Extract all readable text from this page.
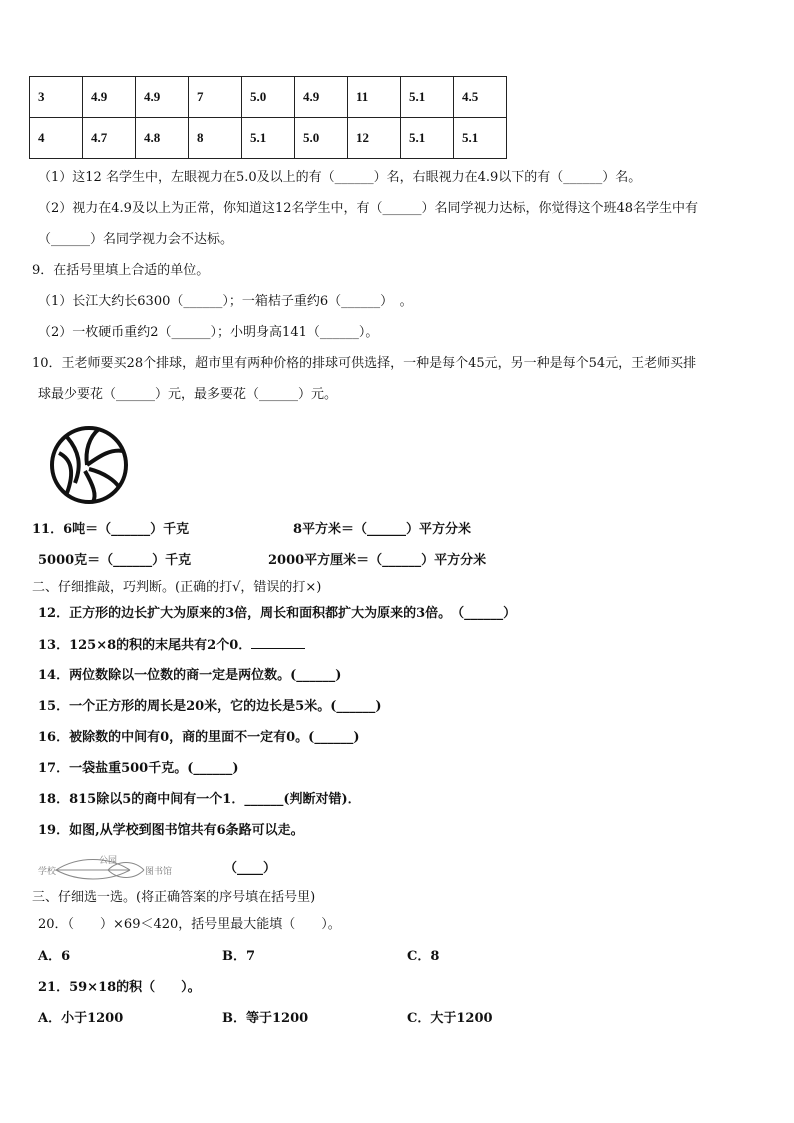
3	4.9	4.9	7	5.0	4.9	11	5.1	4.5
4	4.7	4.8	8	5.1	5.0	12	5.1	5.1
（1）这12 名学生中，左眼视力在5.0及以上的有（______）名，右眼视力在4.9以下的有（______）名。
（2）视力在4.9及以上为正常，你知道这12名学生中，有（______）名同学视力达标，你觉得这个班48名学生中有
（______）名同学视力会不达标。
9．在括号里填上合适的单位。
（1）长江大约长6300（______）；一箱桔子重约6（______）　。
（2）一枚硬币重约2（______）；小明身高141（______）。
10．王老师要买28个排球，超市里有两种价格的排球可供选择，一种是每个45元，另一种是每个54元，王老师买排
球最少要花（______）元，最多要花（______）元。
11．6吨＝（______）千克	8平方米＝（______）平方分米
5000克＝（______）千克	2000平方厘米＝（______）平方分米
二、仔细推敲，巧判断。(正确的打√，错误的打×)
12．正方形的边长扩大为原来的3倍，周长和面积都扩大为原来的3倍。　（______）
13．125×8的积的末尾共有2个0．
14．两位数除以一位数的商一定是两位数。(______)
15．一个正方形的周长是20米，它的边长是5米。(______)
16．被除数的中间有0，商的里面不一定有0。(______)
17．一袋盐重500千克。(______)
18．815除以5的商中间有一个1．______(判断对错)．
19．如图,从学校到图书馆共有6条路可以走。
学校
公园
图书馆	（____）
三、仔细选一选。(将正确答案的序号填在括号里)
20．（　　）×69＜420，括号里最大能填（　　）。
A．6	B．7	C．8
21．59×18的积（　　）。
A．小于1200	B．等于1200	C．大于1200
